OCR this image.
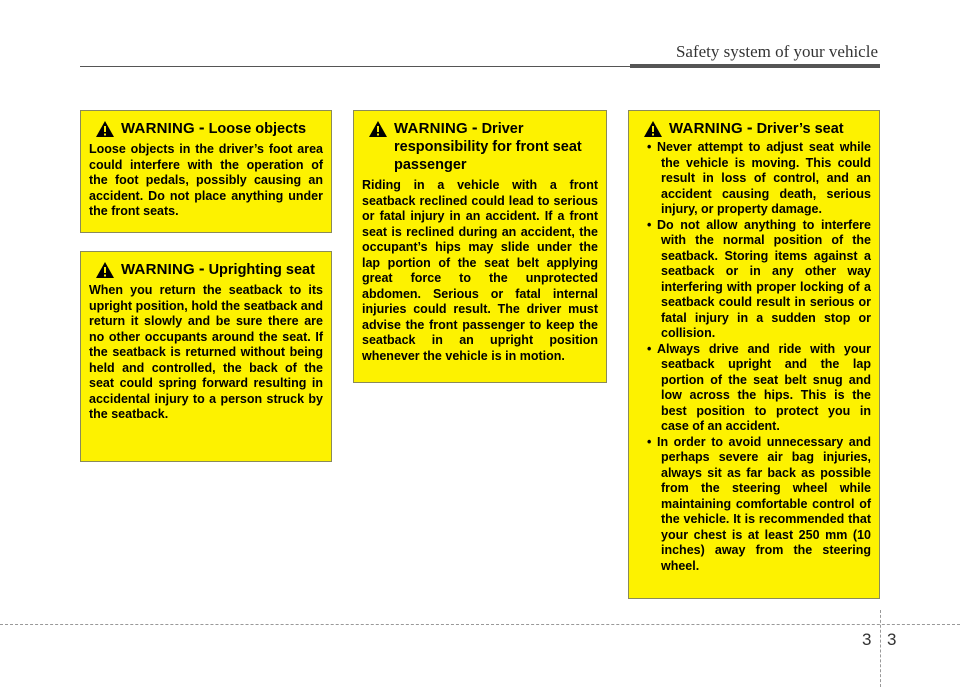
Safety system of your vehicle
WARNING - Loose objects
Loose objects in the driver’s foot area could interfere with the operation of the foot pedals, possibly causing an accident. Do not place anything under the front seats.
WARNING - Uprighting seat
When you return the seatback to its upright position, hold the seatback and return it slowly and be sure there are no other occupants around the seat. If the seatback is returned without being held and controlled, the back of the seat could spring forward resulting in accidental injury to a person struck by the seatback.
WARNING - Driver responsibility for front seat passenger
Riding in a vehicle with a front seatback reclined could lead to serious or fatal injury in an accident. If a front seat is reclined during an accident, the occupant’s hips may slide under the lap portion of the seat belt applying great force to the unprotected abdomen. Serious or fatal internal injuries could result. The driver must advise the front passenger to keep the seatback in an upright position whenever the vehicle is in motion.
WARNING - Driver’s seat
• Never attempt to adjust seat while the vehicle is moving. This could result in loss of control, and an accident causing death, serious injury, or property damage.
• Do not allow anything to interfere with the normal position of the seatback. Storing items against a seatback or in any other way interfering with proper locking of a seatback could result in serious or fatal injury in a sudden stop or collision.
• Always drive and ride with your seatback upright and the lap portion of the seat belt snug and low across the hips. This is the best position to protect you in case of an accident.
• In order to avoid unnecessary and perhaps severe air bag injuries, always sit as far back as possible from the steering wheel while maintaining comfortable control of the vehicle. It is recommended that your chest is at least 250 mm (10 inches) away from the steering wheel.
3 3
